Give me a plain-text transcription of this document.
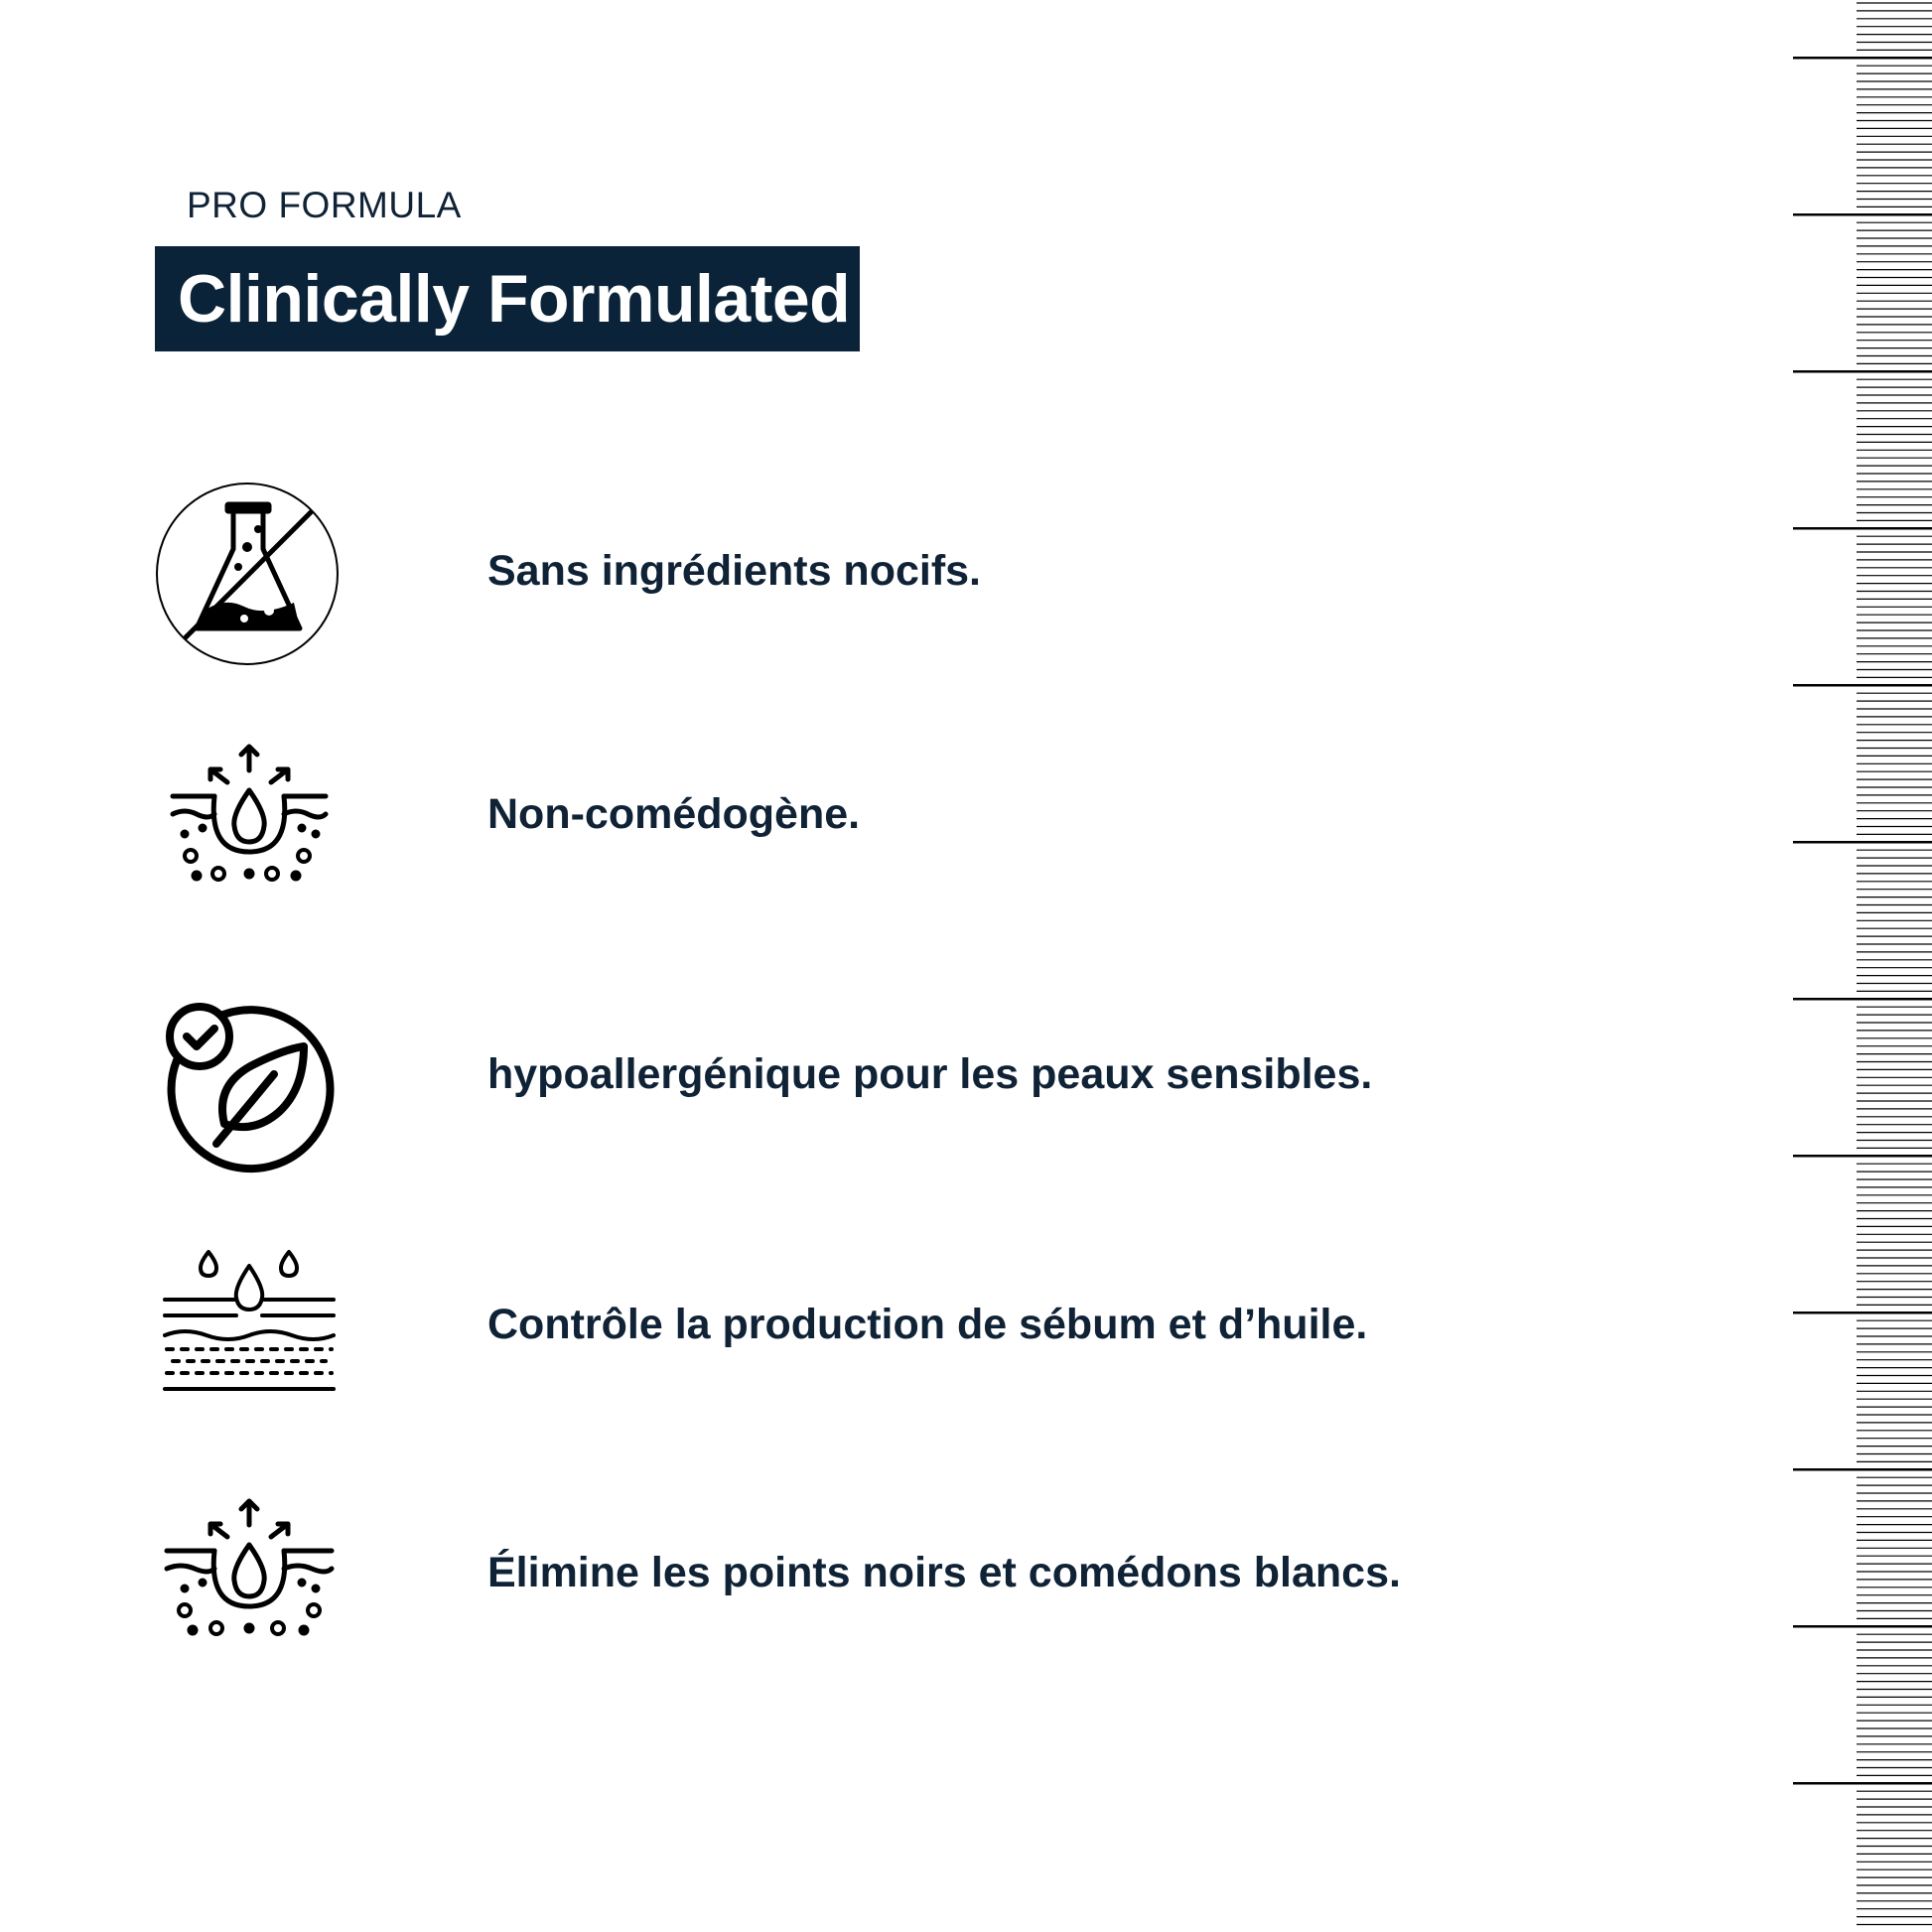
PRO FORMULA
Clinically Formulated
Sans ingrédients nocifs.
Non-comédogène.
hypoallergénique pour les peaux sensibles.
Contrôle la production de sébum et d’huile.
Élimine les points noirs et comédons blancs.
